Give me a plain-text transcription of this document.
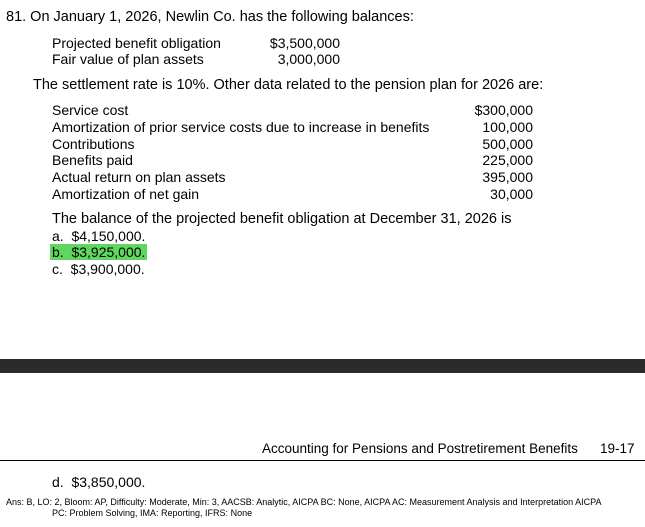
81. On January 1, 2026, Newlin Co. has the following balances:
Projected benefit obligation	$3,500,000
Fair value of plan assets	3,000,000
The settlement rate is 10%. Other data related to the pension plan for 2026 are:
Service cost	$300,000
Amortization of prior service costs due to increase in benefits	100,000
Contributions	500,000
Benefits paid	225,000
Actual return on plan assets	395,000
Amortization of net gain	30,000
The balance of the projected benefit obligation at December 31, 2026 is
a. $4,150,000.
b. $3,925,000.
c. $3,900,000.
Accounting for Pensions and Postretirement Benefits 19-17
d. $3,850,000.
Ans: B, LO: 2, Bloom: AP, Difficulty: Moderate, Min: 3, AACSB: Analytic, AICPA BC: None, AICPA AC: Measurement Analysis and Interpretation AICPA
PC: Problem Solving, IMA: Reporting, IFRS: None
